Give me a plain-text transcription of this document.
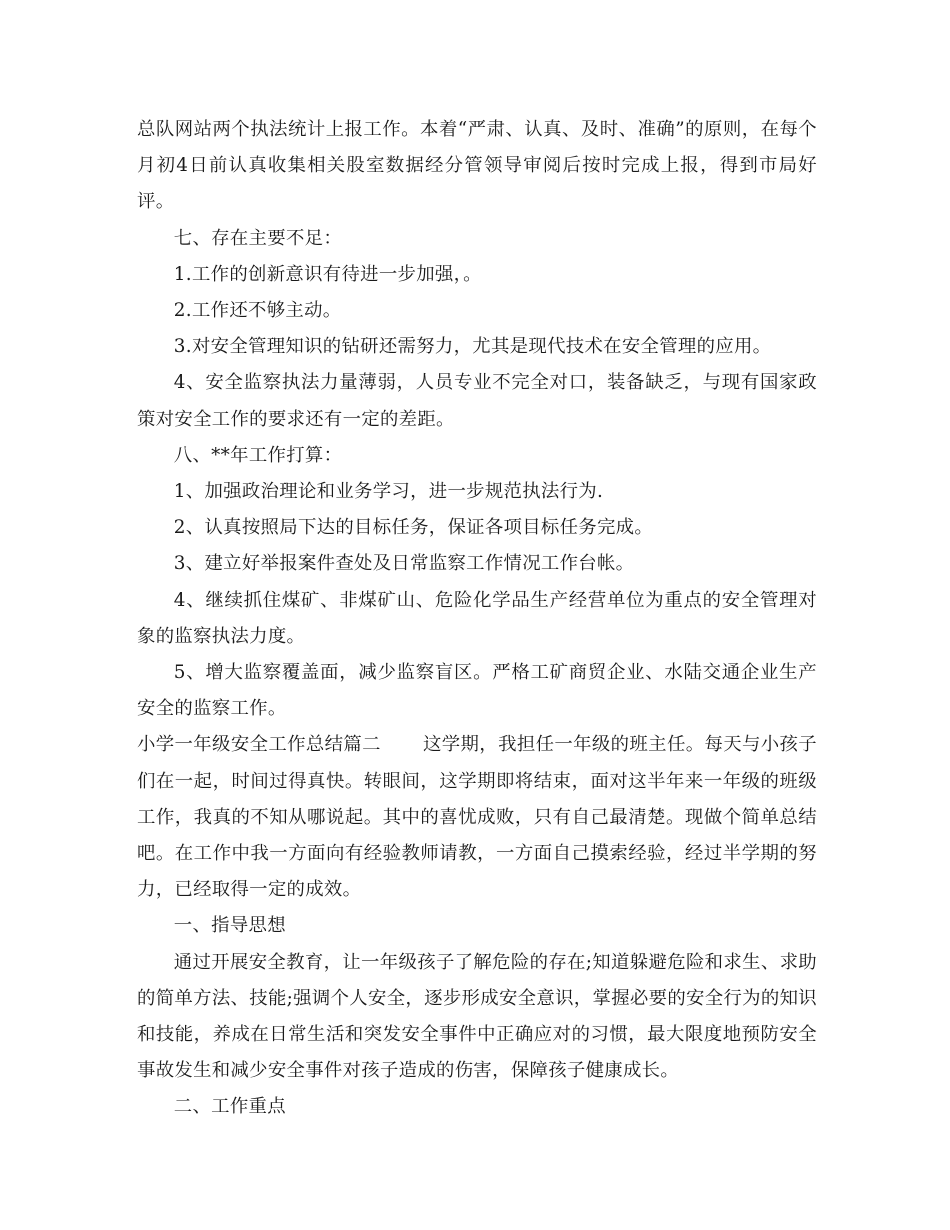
总队网站两个执法统计上报工作。本着“严肃、认真、及时、准确”的原则，在每个月初4日前认真收集相关股室数据经分管领导审阅后按时完成上报，得到市局好评。

七、存在主要不足：

1.工作的创新意识有待进一步加强，。

2.工作还不够主动。

3.对安全管理知识的钻研还需努力，尤其是现代技术在安全管理的应用。

4、安全监察执法力量薄弱，人员专业不完全对口，装备缺乏，与现有国家政策对安全工作的要求还有一定的差距。

八、**年工作打算：

1、加强政治理论和业务学习，进一步规范执法行为.

2、认真按照局下达的目标任务，保证各项目标任务完成。

3、建立好举报案件查处及日常监察工作情况工作台帐。

4、继续抓住煤矿、非煤矿山、危险化学品生产经营单位为重点的安全管理对象的监察执法力度。

5、增大监察覆盖面，减少监察盲区。严格工矿商贸企业、水陆交通企业生产安全的监察工作。

小学一年级安全工作总结篇二 这学期，我担任一年级的班主任。每天与小孩子们在一起，时间过得真快。转眼间，这学期即将结束，面对这半年来一年级的班级工作，我真的不知从哪说起。其中的喜忧成败，只有自己最清楚。现做个简单总结吧。在工作中我一方面向有经验教师请教，一方面自己摸索经验，经过半学期的努力，已经取得一定的成效。

一、指导思想

通过开展安全教育，让一年级孩子了解危险的存在;知道躲避危险和求生、求助的简单方法、技能;强调个人安全，逐步形成安全意识，掌握必要的安全行为的知识和技能，养成在日常生活和突发安全事件中正确应对的习惯，最大限度地预防安全事故发生和减少安全事件对孩子造成的伤害，保障孩子健康成长。

二、工作重点
